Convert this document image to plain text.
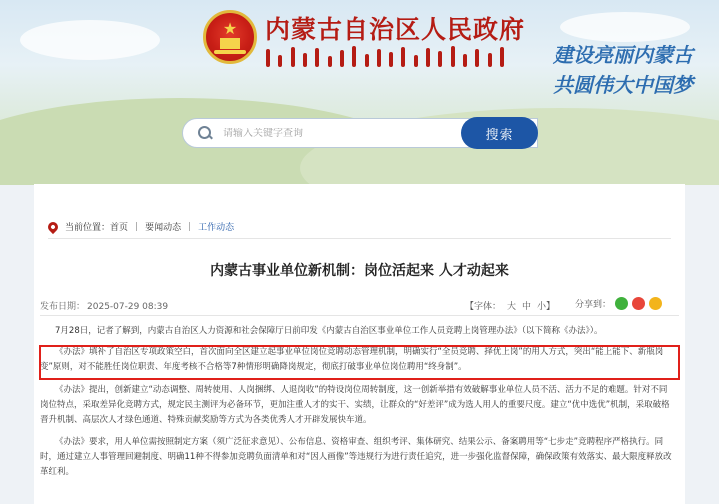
★ 内蒙古自治区人民政府
建设亮丽内蒙古
共圆伟大中国梦
请输入关键字查询
搜索
当前位置： 首页 | 要闻动态 | 工作动态
内蒙古事业单位新机制：岗位活起来 人才动起来
发布日期： 2025-07-29 08:39	【字体： 大 中 小】 分享到：

7月28日，记者了解到，内蒙古自治区人力资源和社会保障厅日前印发《内蒙古自治区事业单位工作人员竞聘上岗管理办法》（以下简称《办法》）。

《办法》填补了自治区专项政策空白，首次面向全区建立起事业单位岗位竞聘动态管理机制，明确实行“全员竞聘、择优上岗”的用人方式，突出“能上能下、新瓶岗变”原则，对不能胜任岗位职责、年度考核不合格等7种情形明确降岗规定，彻底打破事业单位岗位聘用“终身制”。

《办法》提出，创新建立“动态调整、周转使用、人岗捆绑、人退岗收”的特设岗位周转制度，这一创新举措有效破解事业单位人员不活、活力不足的难题。针对不同岗位特点，采取差异化竞聘方式，规定民主测评为必备环节，更加注重人才的实干、实绩，让群众的“好差评”成为选人用人的重要尺度。建立“优中选优”机制，采取破格晋升机制、高层次人才绿色通道、特殊贡献奖励等方式为各类优秀人才开辟发展快车道。

《办法》要求，用人单位需按照制定方案（须广泛征求意见）、公布信息、资格审查、组织考评、集体研究、结果公示、备案聘用等“七步走”竞聘程序严格执行。同时，通过建立人事管理回避制度、明确11种不得参加竞聘负面清单和对“因人画像”等违规行为进行责任追究，进一步强化监督保障，确保政策有效落实、最大限度释放改革红利。
